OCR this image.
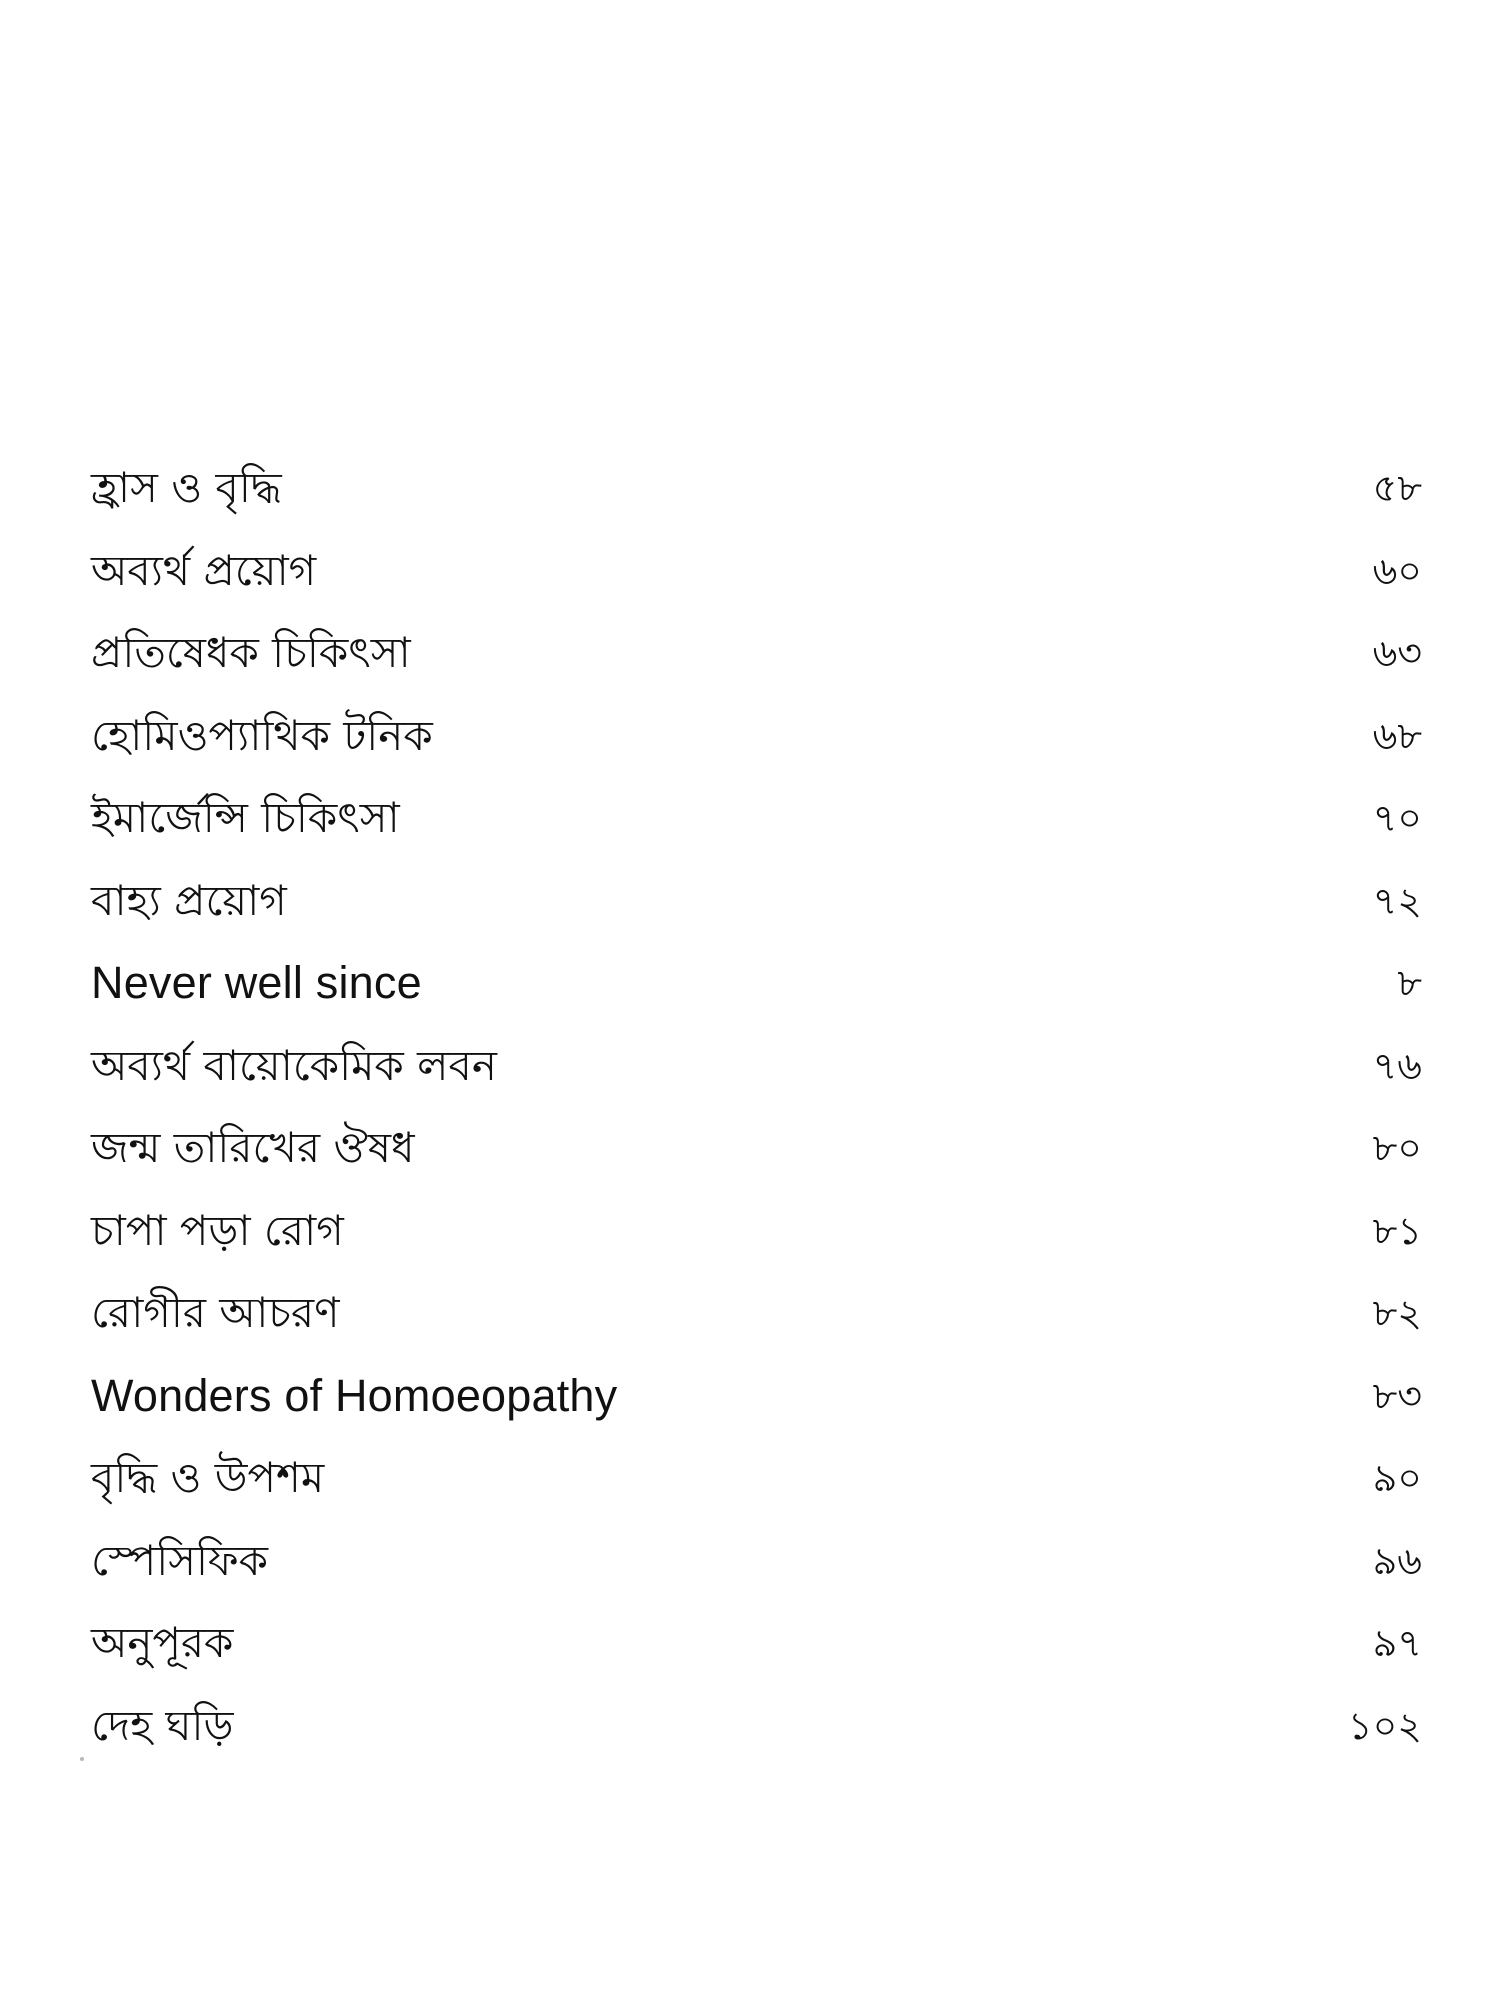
হ্রাস ও বৃদ্ধি	৫৮
অব্যর্থ প্রয়োগ	৬০
প্রতিষেধক চিকিৎসা	৬৩
হোমিওপ্যাথিক টনিক	৬৮
ইমার্জেন্সি চিকিৎসা	৭০
বাহ্য প্রয়োগ	৭২
Never well since	৮
অব্যর্থ বায়োকেমিক লবন	৭৬
জন্ম তারিখের ঔষধ	৮০
চাপা পড়া রোগ	৮১
রোগীর আচরণ	৮২
Wonders of Homoeopathy	৮৩
বৃদ্ধি ও উপশম	৯০
স্পেসিফিক	৯৬
অনুপূরক	৯৭
দেহ ঘড়ি	১০২
